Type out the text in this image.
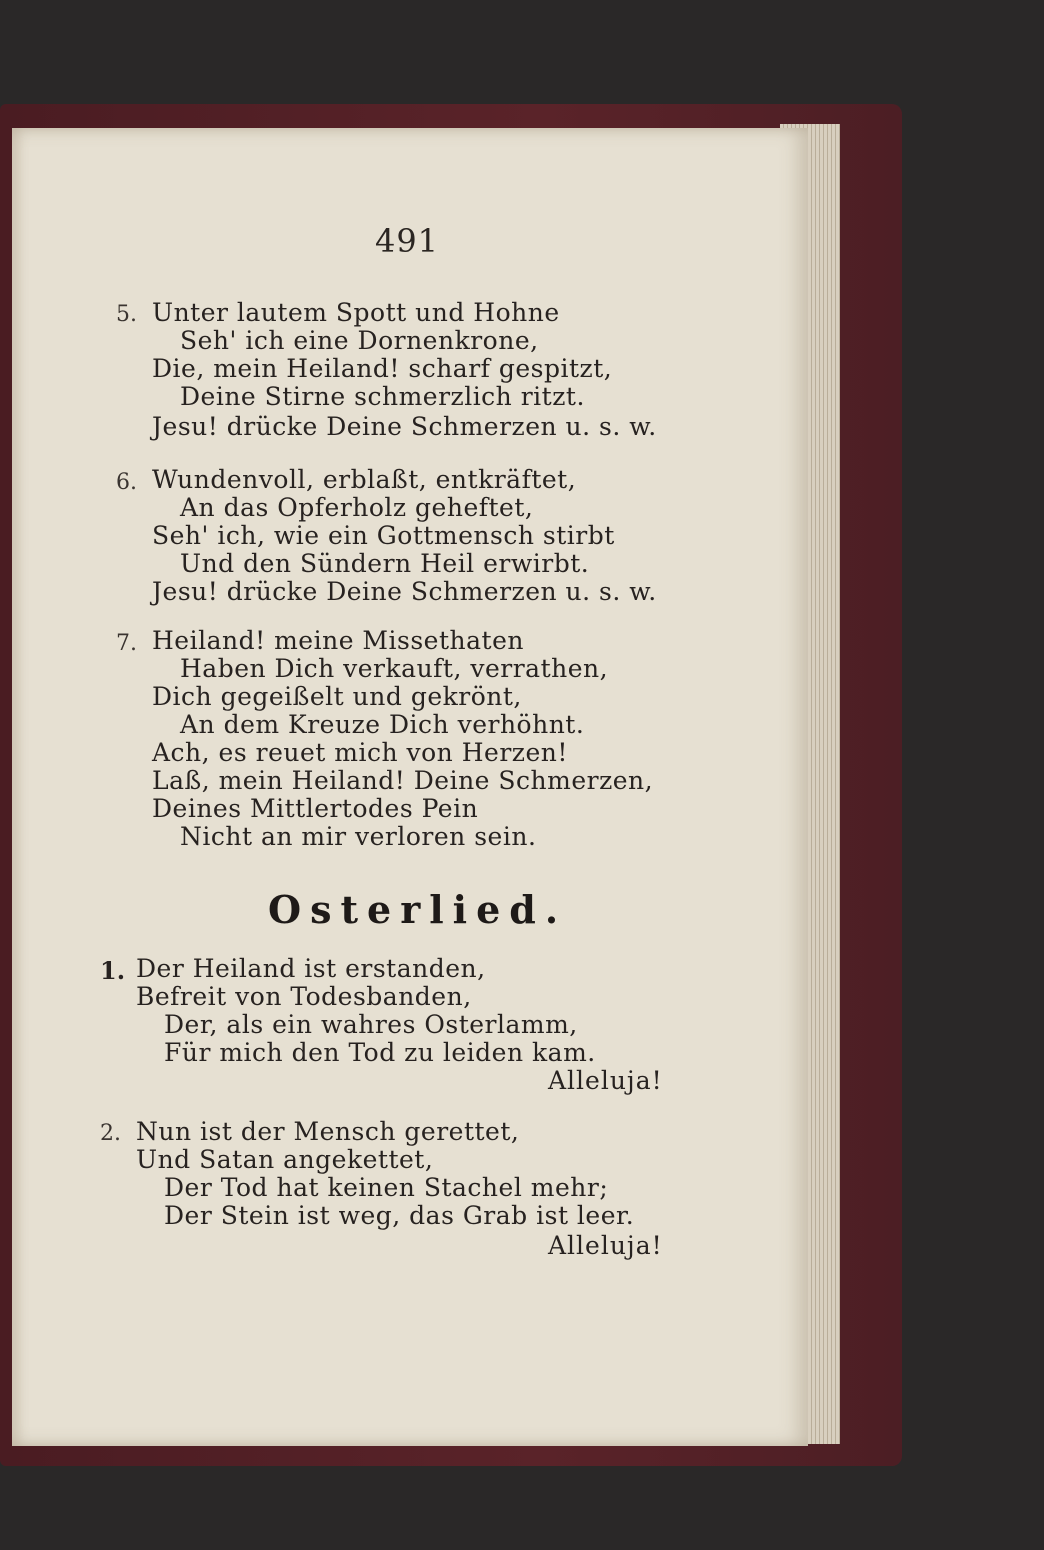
491
5. Unter lautem Spott und Hohne
Seh' ich eine Dornenkrone,
Die, mein Heiland! scharf gespitzt,
Deine Stirne schmerzlich ritzt.
Jesu! drücke Deine Schmerzen u. s. w.
6. Wundenvoll, erblaßt, entkräftet,
An das Opferholz geheftet,
Seh' ich, wie ein Gottmensch stirbt
Und den Sündern Heil erwirbt.
Jesu! drücke Deine Schmerzen u. s. w.
7. Heiland! meine Missethaten
Haben Dich verkauft, verrathen,
Dich gegeißelt und gekrönt,
An dem Kreuze Dich verhöhnt.
Ach, es reuet mich von Herzen!
Laß, mein Heiland! Deine Schmerzen,
Deines Mittlertodes Pein
Nicht an mir verloren sein.
Osterlied.
1. Der Heiland ist erstanden,
Befreit von Todesbanden,
Der, als ein wahres Osterlamm,
Für mich den Tod zu leiden kam.
Alleluja!
2. Nun ist der Mensch gerettet,
Und Satan angekettet,
Der Tod hat keinen Stachel mehr;
Der Stein ist weg, das Grab ist leer.
Alleluja!
